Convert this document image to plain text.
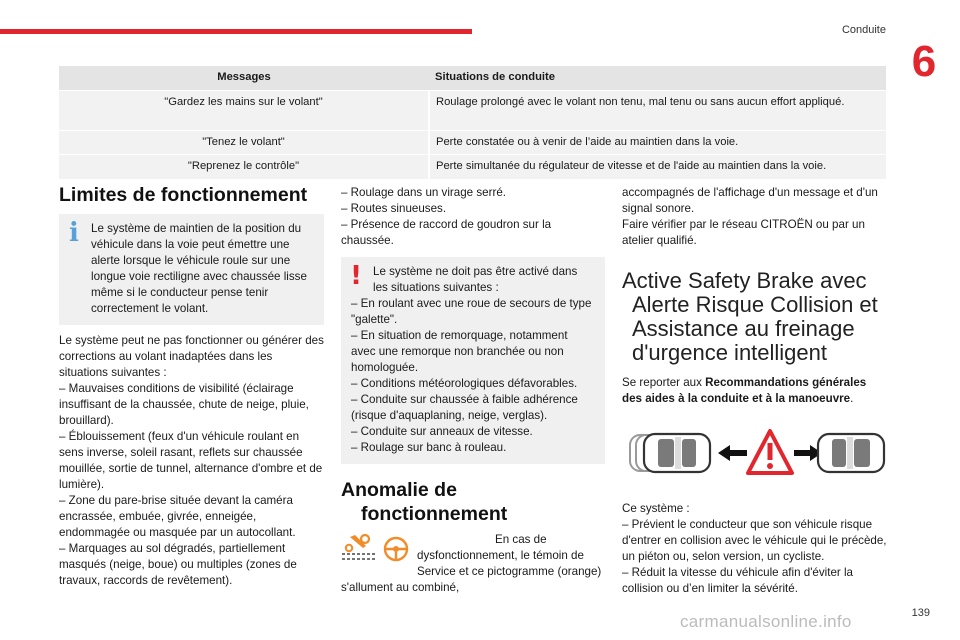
Conduite
6
Messages	Situations de conduite
"Gardez les mains sur le volant"	Roulage prolongé avec le volant non tenu, mal tenu ou sans aucun effort appliqué.
"Tenez le volant"	Perte constatée ou à venir de l’aide au maintien dans la voie.
"Reprenez le contrôle"	Perte simultanée du régulateur de vitesse et de l'aide au maintien dans la voie.
Limites de fonctionnement
i	Le système de maintien de la position du véhicule dans la voie peut émettre une alerte lorsque le véhicule roule sur une longue voie rectiligne avec chaussée lisse même si le conducteur pense tenir correctement le volant.
Le système peut ne pas fonctionner ou générer des corrections au volant inadaptées dans les situations suivantes :
– Mauvaises conditions de visibilité (éclairage insuffisant de la chaussée, chute de neige, pluie, brouillard).
– Éblouissement (feux d'un véhicule roulant en sens inverse, soleil rasant, reflets sur chaussée mouillée, sortie de tunnel, alternance d'ombre et de lumière).
– Zone du pare-brise située devant la caméra encrassée, embuée, givrée, enneigée, endommagée ou masquée par un autocollant.
– Marquages au sol dégradés, partiellement masqués (neige, boue) ou multiples (zones de travaux, raccords de revêtement).
– Roulage dans un virage serré.
– Routes sinueuses.
– Présence de raccord de goudron sur la chaussée.
! Le système ne doit pas être activé dans les situations suivantes :
– En roulant avec une roue de secours de type "galette".
– En situation de remorquage, notamment avec une remorque non branchée ou non homologuée.
– Conditions météorologiques défavorables.
– Conduite sur chaussée à faible adhérence (risque d'aquaplaning, neige, verglas).
– Conduite sur anneaux de vitesse.
– Roulage sur banc à rouleau.
Anomalie de
fonctionnement
En cas de dysfonctionnement, le témoin de Service et ce pictogramme (orange) s'allument au combiné,
accompagnés de l'affichage d'un message et d'un signal sonore.
Faire vérifier par le réseau CITROËN ou par un atelier qualifié.
Active Safety Brake avec
Alerte Risque Collision et
Assistance au freinage
d'urgence intelligent
Se reporter aux Recommandations générales des aides à la conduite et à la manoeuvre.
Ce système :
– Prévient le conducteur que son véhicule risque d'entrer en collision avec le véhicule qui le précède, un piéton ou, selon version, un cycliste.
– Réduit la vitesse du véhicule afin d'éviter la collision ou d’en limiter la sévérité.
139
carmanualsonline.info
